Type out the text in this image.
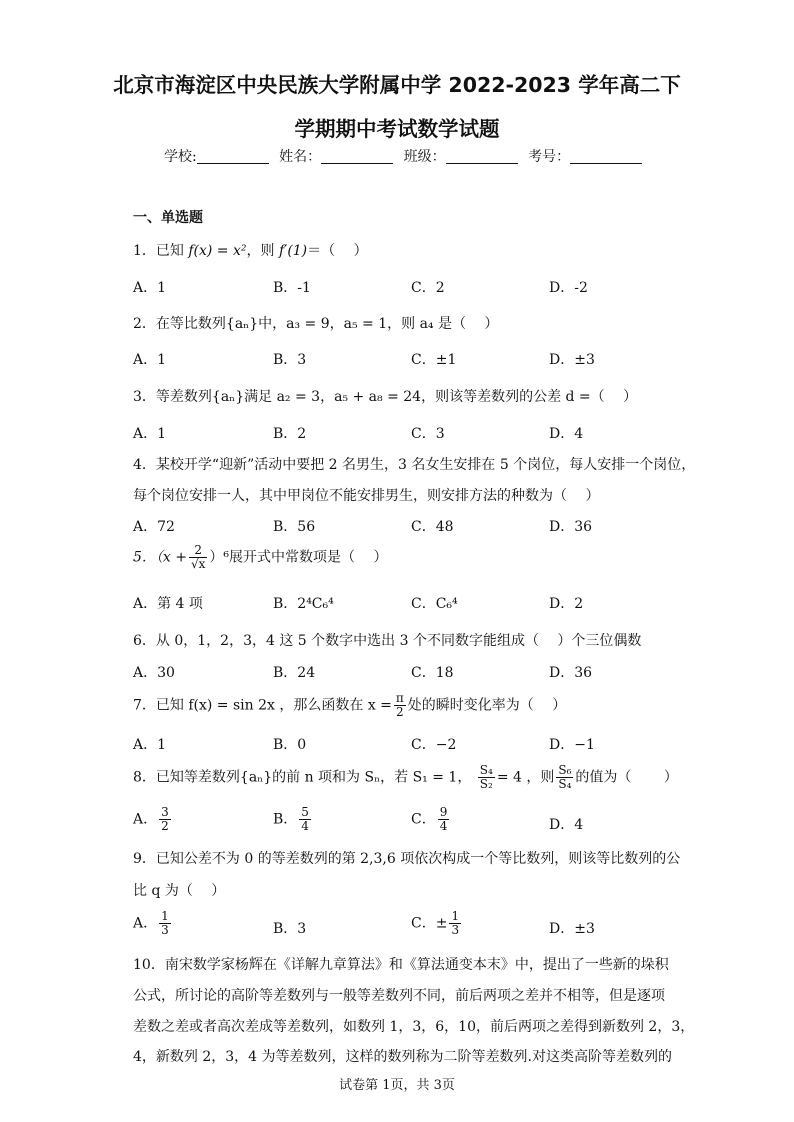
北京市海淀区中央民族大学附属中学 2022-2023 学年高二下
学期期中考试数学试题
学校:	姓名：	班级：	考号：
一、单选题
1．已知 f(x) = x²，则 f′(1)＝（　 ）
A．1	B．-1	C．2	D．-2
2．在等比数列{aₙ}中，a₃ = 9，a₅ = 1，则 a₄ 是（　 ）
A．1	B．3	C．±1	D．±3
3．等差数列{aₙ}满足 a₂ = 3，a₅ + a₈ = 24，则该等差数列的公差 d =（　 ）
A．1	B．2	C．3	D．4
4．某校开学“迎新”活动中要把 2 名男生，3 名女生安排在 5 个岗位，每人安排一个岗位，
每个岗位安排一人，其中甲岗位不能安排男生，则安排方法的种数为（　 ）
A．72	B．56	C．48	D．36
5．$(x + \frac{2}{√x} )^6$展开式中常数项是（　 ）
A．第 4 项	B．2⁴C₆⁴	C．C₆⁴	D．2
6．从 0，1，2，3，4 这 5 个数字中选出 3 个不同数字能组成（　 ）个三位偶数
A．30	B．24	C．18	D．36
7．已知 f(x) = sin 2x ，那么函数在 $x = \frac{\pi}{2}$ 处的瞬时变化率为（　 ）
A．1	B．0	C．−2	D．−1
8．已知等差数列{aₙ}的前 n 项和为 Sₙ，若 S₁ = 1， $\frac{\text{S₄}}{\text{S₂}} = 4$ ，则 $\frac{\text{S₆}}{\text{S₄}}$ 的值为（　　 ）
A． $\frac{3}{2}$	B． $\frac{5}{4}$	C． $\frac{9}{4}$	D．4
9．已知公差不为 0 的等差数列的第 2,3,6 项依次构成一个等比数列，则该等比数列的公
比 q 为（　 ）
A． $\frac{1}{3}$	B．3	C．± $\frac{1}{3}$	D．±3
10．南宋数学家杨辉在《详解九章算法》和《算法通变本末》中，提出了一些新的垛积
公式，所讨论的高阶等差数列与一般等差数列不同，前后两项之差并不相等，但是逐项
差数之差或者高次差成等差数列，如数列 1，3，6，10，前后两项之差得到新数列 2，3，
4，新数列 2，3，4 为等差数列，这样的数列称为二阶等差数列.对这类高阶等差数列的
试卷第 1页，共 3页
